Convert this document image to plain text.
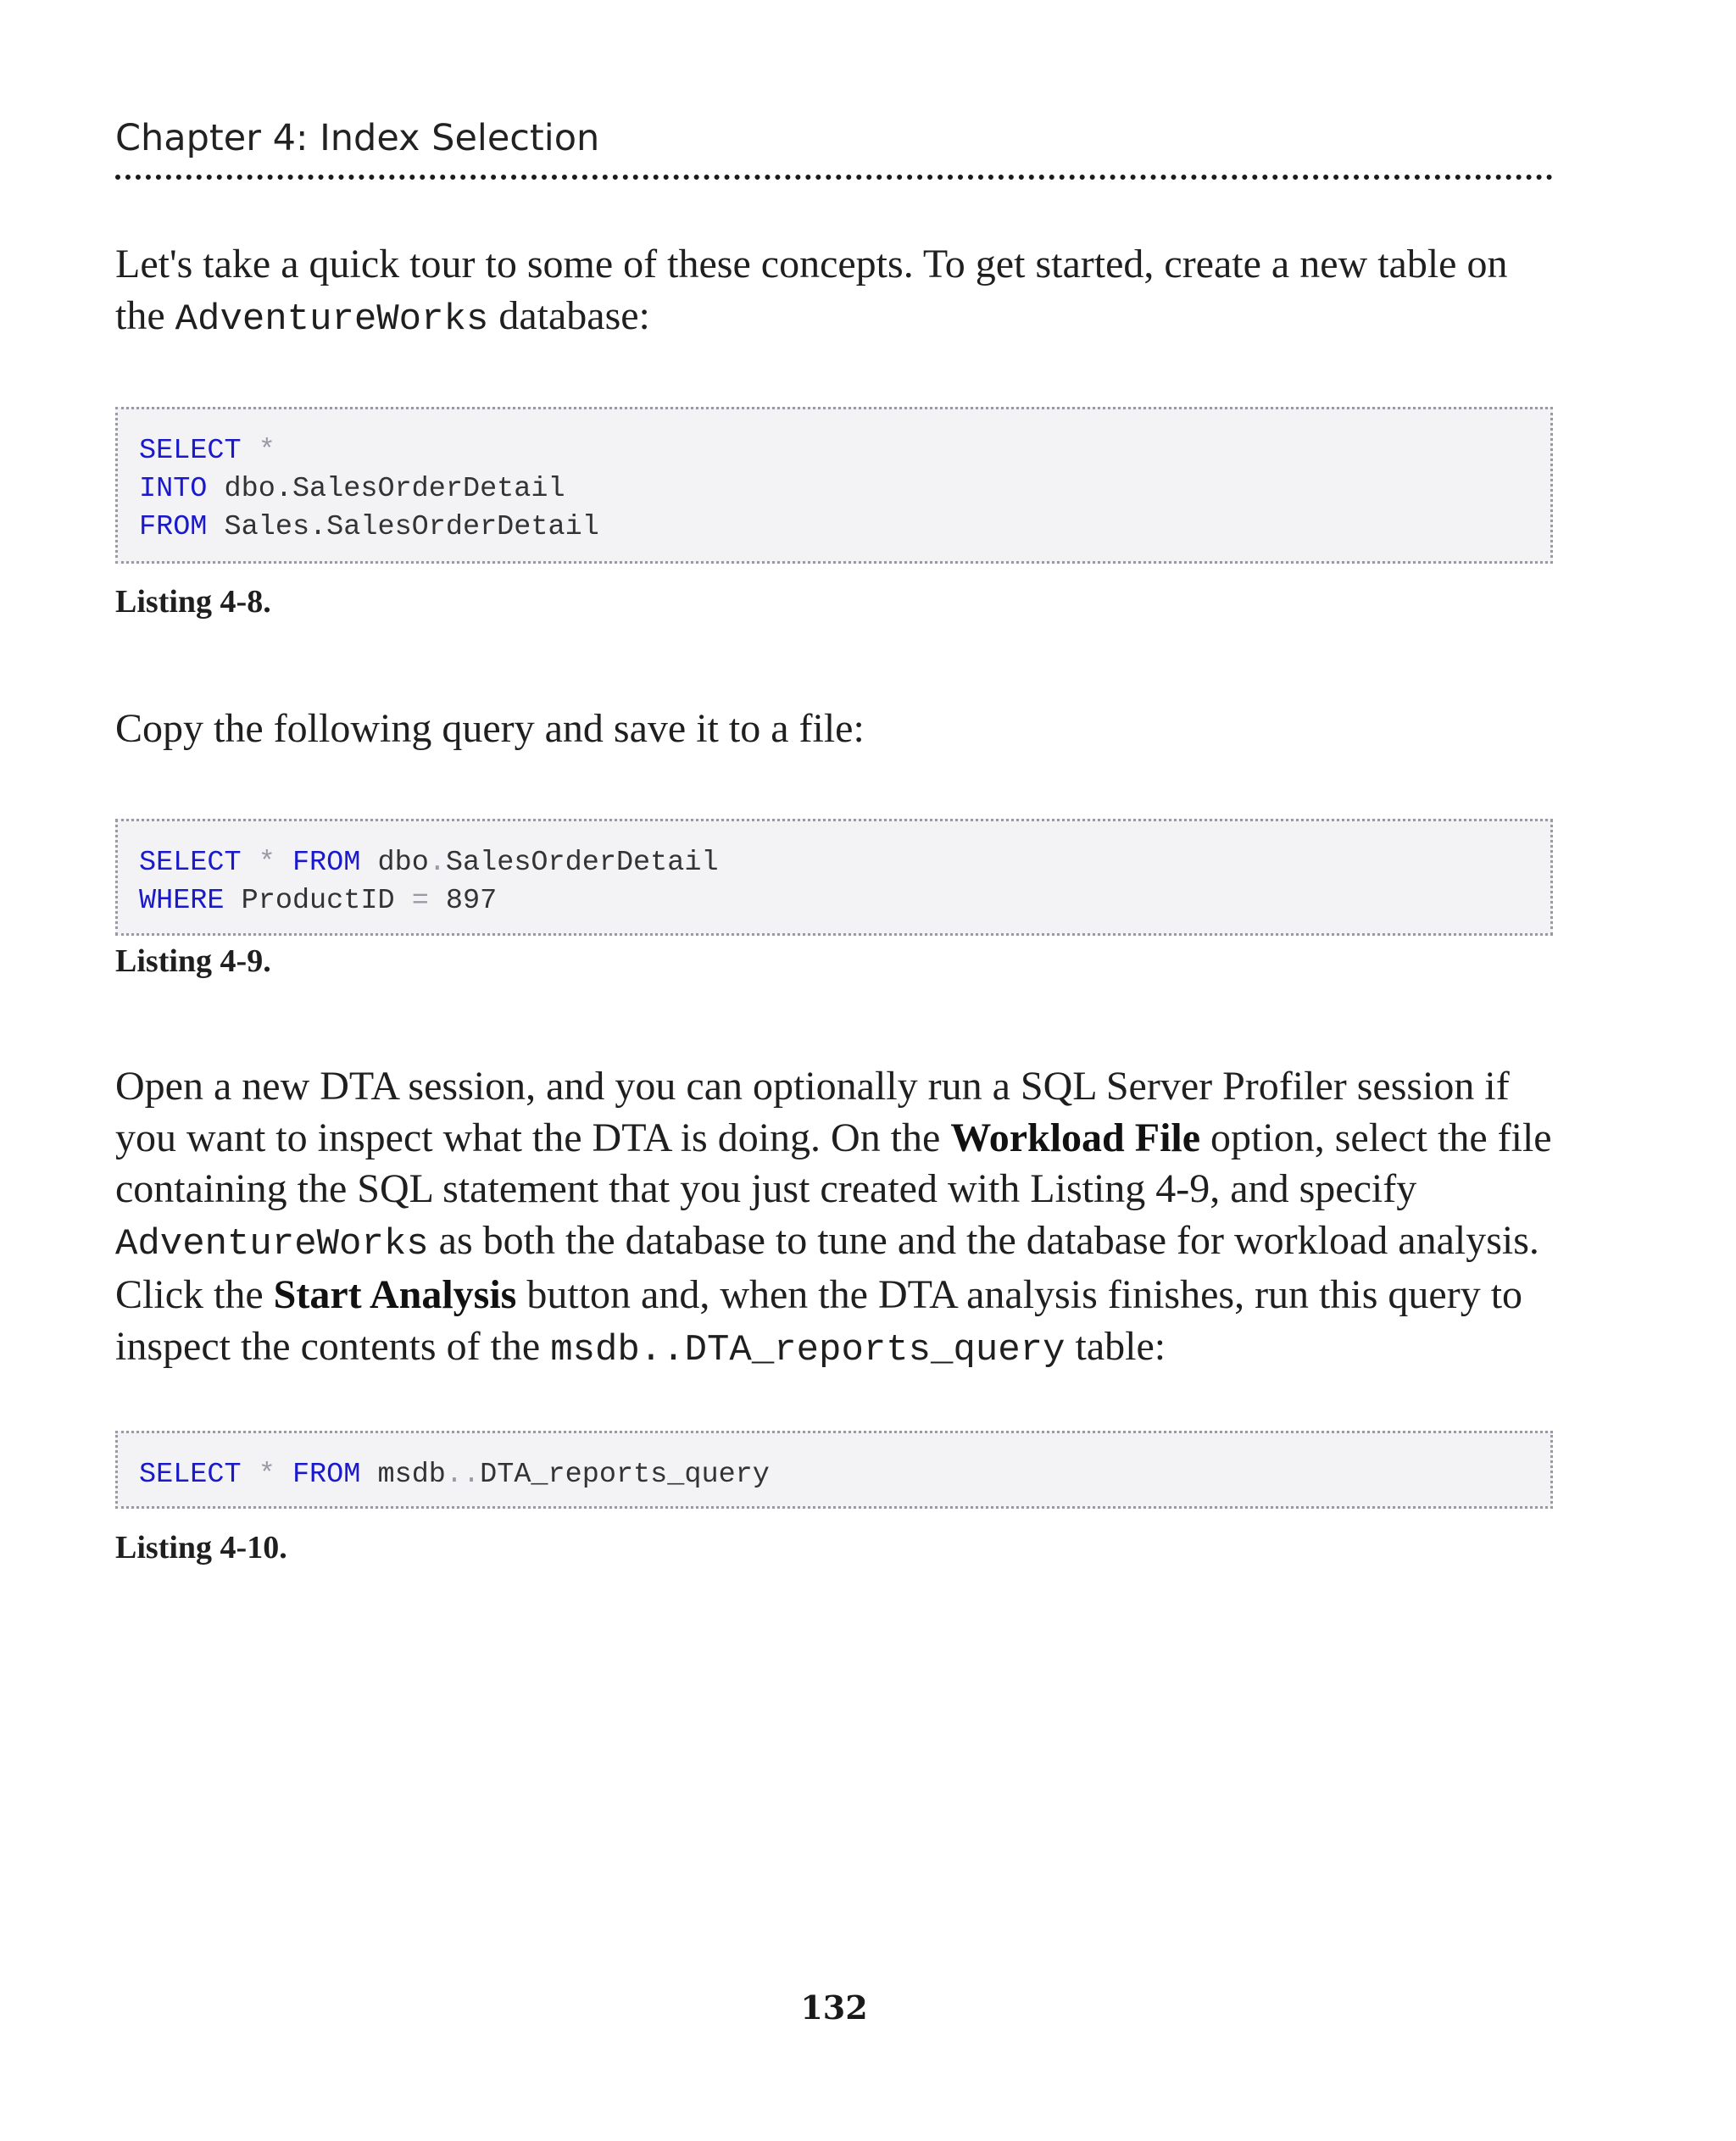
Chapter 4: Index Selection

Let's take a quick tour to some of these concepts. To get started, create a new table on the AdventureWorks database:

SELECT *
INTO dbo.SalesOrderDetail
FROM Sales.SalesOrderDetail
Listing 4-8.

Copy the following query and save it to a file:

SELECT * FROM dbo.SalesOrderDetail
WHERE ProductID = 897
Listing 4-9.

Open a new DTA session, and you can optionally run a SQL Server Profiler session if you want to inspect what the DTA is doing. On the Workload File option, select the file containing the SQL statement that you just created with Listing 4-9, and specify AdventureWorks as both the database to tune and the database for workload analysis. Click the Start Analysis button and, when the DTA analysis finishes, run this query to inspect the contents of the msdb..DTA_reports_query table:

SELECT * FROM msdb..DTA_reports_query
Listing 4-10.
132
